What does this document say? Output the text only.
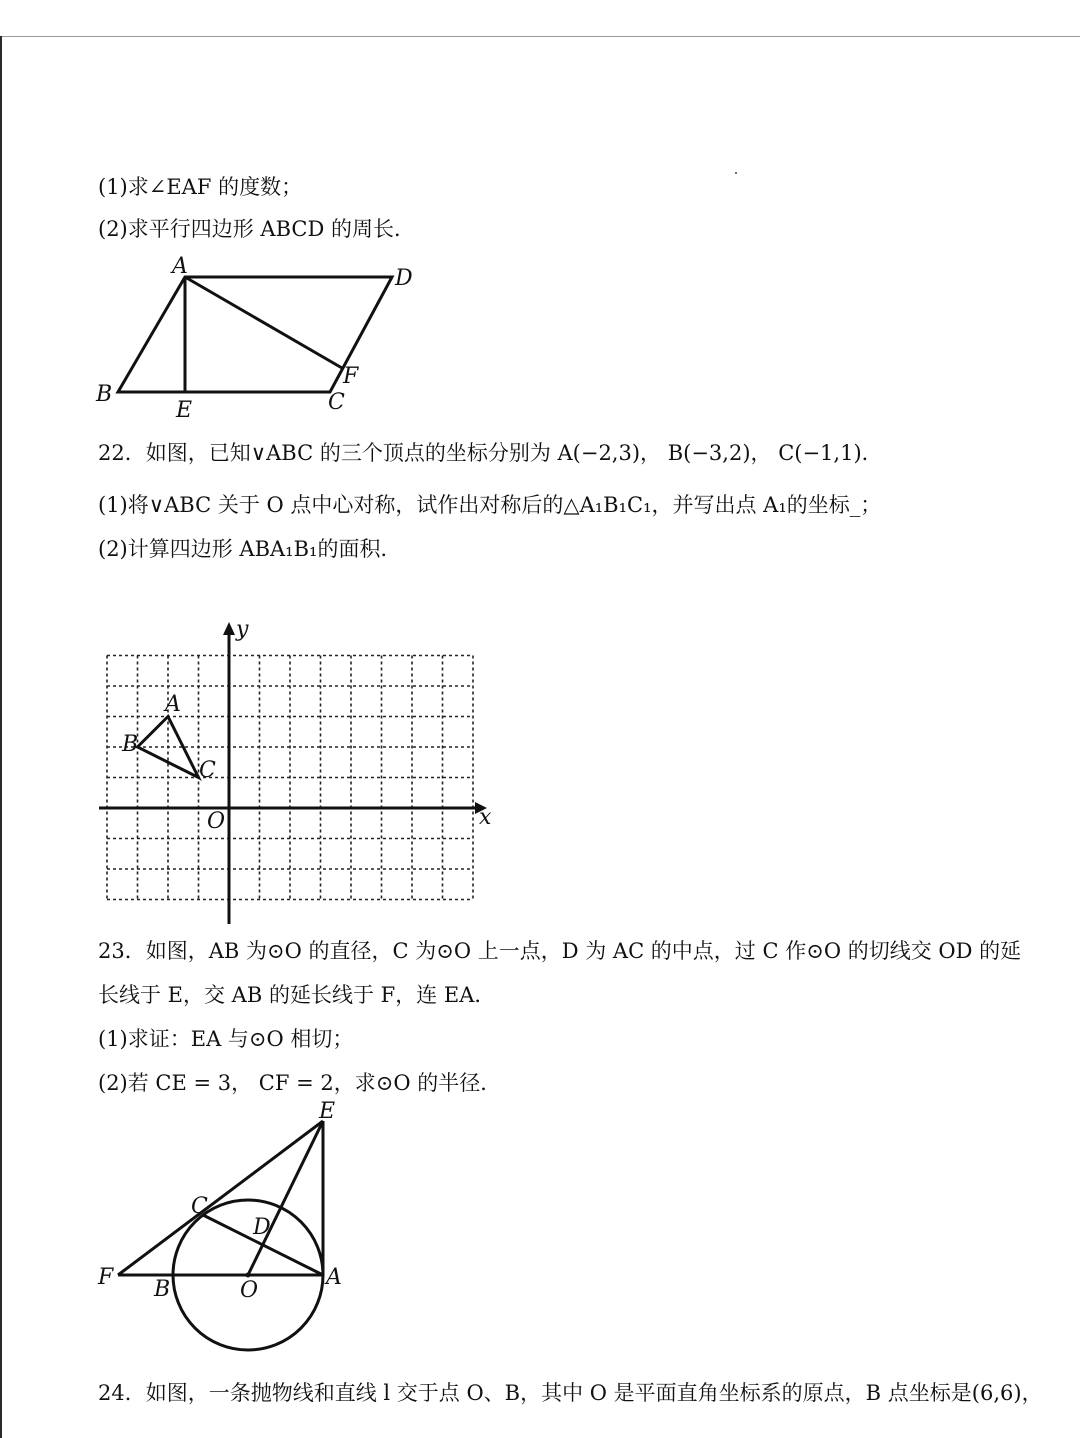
(1)求∠EAF 的度数；
(2)求平行四边形 ABCD 的周长．
A	D
B
E
F
C
22．如图，已知∨ABC 的三个顶点的坐标分别为 A(−2,3)， B(−3,2)， C(−1,1)．
(1)将∨ABC 关于 O 点中心对称，试作出对称后的△A₁B₁C₁，并写出点 A₁的坐标_；
(2)计算四边形 ABA₁B₁的面积．
y
x
O
A
B
C
23．如图，AB 为⊙O 的直径，C 为⊙O 上一点，D 为 AC 的中点，过 C 作⊙O 的切线交 OD 的延
长线于 E，交 AB 的延长线于 F，连 EA．
(1)求证：EA 与⊙O 相切；
(2)若 CE = 3， CF = 2，求⊙O 的半径．
E
C
D
F B	O
A
24．如图，一条抛物线和直线 l 交于点 O、B，其中 O 是平面直角坐标系的原点，B 点坐标是(6,6)，
